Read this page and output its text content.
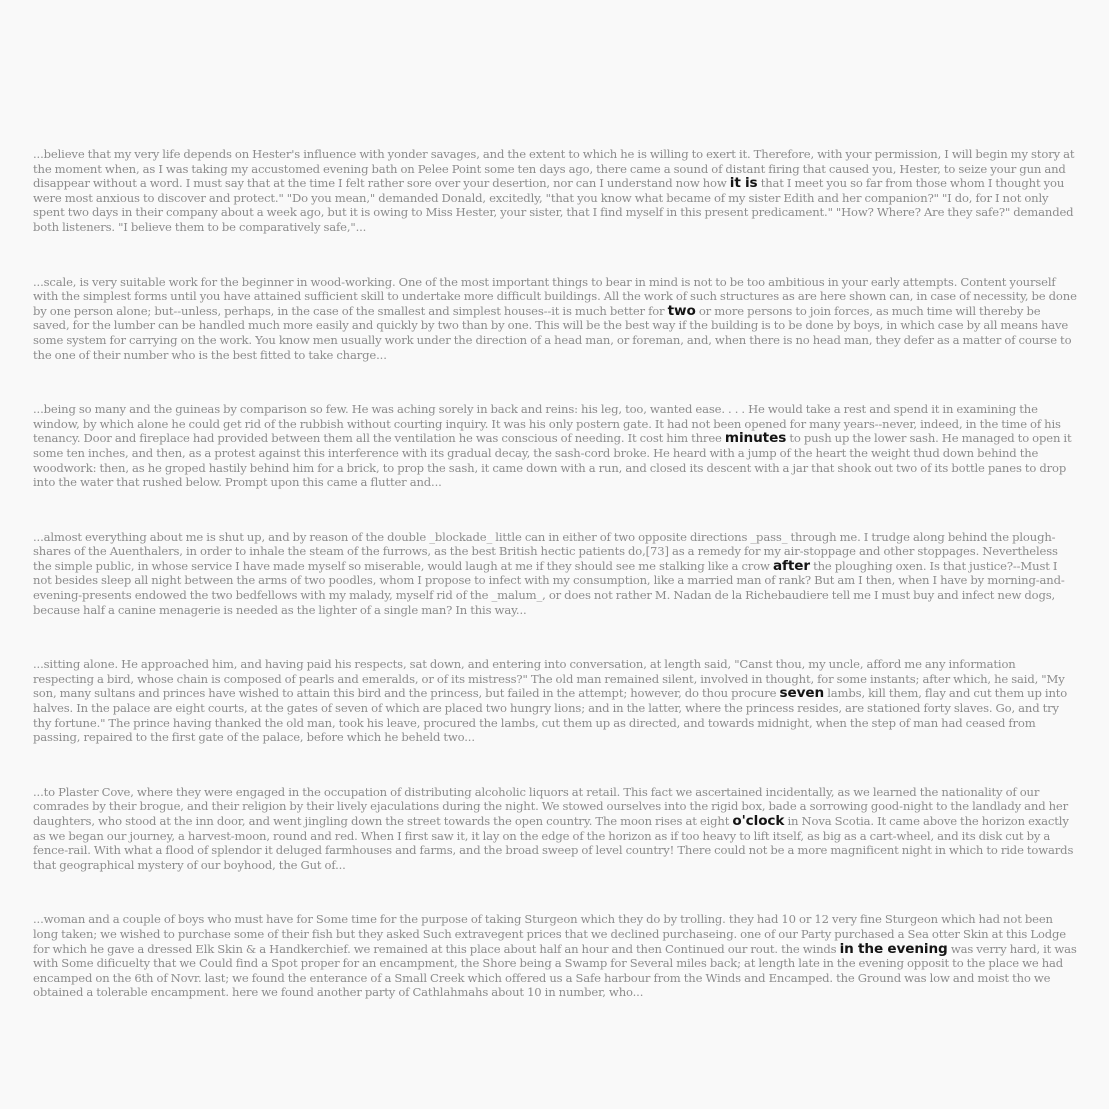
...believe that my very life depends on Hester's influence with yonder savages, and the extent to which he is willing to exert it. Therefore, with your permission, I will begin my story at the moment when, as I was taking my accustomed evening bath on Pelee Point some ten days ago, there came a sound of distant firing that caused you, Hester, to seize your gun and disappear without a word. I must say that at the time I felt rather sore over your desertion, nor can I understand now how it is that I meet you so far from those whom I thought you were most anxious to discover and protect." "Do you mean," demanded Donald, excitedly, "that you know what became of my sister Edith and her companion?" "I do, for I not only spent two days in their company about a week ago, but it is owing to Miss Hester, your sister, that I find myself in this present predicament." "How? Where? Are they safe?" demanded both listeners. "I believe them to be comparatively safe,"...

...scale, is very suitable work for the beginner in wood-working. One of the most important things to bear in mind is not to be too ambitious in your early attempts. Content yourself with the simplest forms until you have attained sufficient skill to undertake more difficult buildings. All the work of such structures as are here shown can, in case of necessity, be done by one person alone; but--unless, perhaps, in the case of the smallest and simplest houses--it is much better for two or more persons to join forces, as much time will thereby be saved, for the lumber can be handled much more easily and quickly by two than by one. This will be the best way if the building is to be done by boys, in which case by all means have some system for carrying on the work. You know men usually work under the direction of a head man, or foreman, and, when there is no head man, they defer as a matter of course to the one of their number who is the best fitted to take charge...

...being so many and the guineas by comparison so few. He was aching sorely in back and reins: his leg, too, wanted ease. . . . He would take a rest and spend it in examining the window, by which alone he could get rid of the rubbish without courting inquiry. It was his only postern gate. It had not been opened for many years--never, indeed, in the time of his tenancy. Door and fireplace had provided between them all the ventilation he was conscious of needing. It cost him three minutes to push up the lower sash. He managed to open it some ten inches, and then, as a protest against this interference with its gradual decay, the sash-cord broke. He heard with a jump of the heart the weight thud down behind the woodwork: then, as he groped hastily behind him for a brick, to prop the sash, it came down with a run, and closed its descent with a jar that shook out two of its bottle panes to drop into the water that rushed below. Prompt upon this came a flutter and...

...almost everything about me is shut up, and by reason of the double _blockade_ little can in either of two opposite directions _pass_ through me. I trudge along behind the plough-shares of the Auenthalers, in order to inhale the steam of the furrows, as the best British hectic patients do,[73] as a remedy for my air-stoppage and other stoppages. Nevertheless the simple public, in whose service I have made myself so miserable, would laugh at me if they should see me stalking like a crow after the ploughing oxen. Is that justice?--Must I not besides sleep all night between the arms of two poodles, whom I propose to infect with my consumption, like a married man of rank? But am I then, when I have by morning-and-evening-presents endowed the two bedfellows with my malady, myself rid of the _malum_, or does not rather M. Nadan de la Richebaudiere tell me I must buy and infect new dogs, because half a canine menagerie is needed as the lighter of a single man? In this way...

...sitting alone. He approached him, and having paid his respects, sat down, and entering into conversation, at length said, "Canst thou, my uncle, afford me any information respecting a bird, whose chain is composed of pearls and emeralds, or of its mistress?" The old man remained silent, involved in thought, for some instants; after which, he said, "My son, many sultans and princes have wished to attain this bird and the princess, but failed in the attempt; however, do thou procure seven lambs, kill them, flay and cut them up into halves. In the palace are eight courts, at the gates of seven of which are placed two hungry lions; and in the latter, where the princess resides, are stationed forty slaves. Go, and try thy fortune." The prince having thanked the old man, took his leave, procured the lambs, cut them up as directed, and towards midnight, when the step of man had ceased from passing, repaired to the first gate of the palace, before which he beheld two...

...to Plaster Cove, where they were engaged in the occupation of distributing alcoholic liquors at retail. This fact we ascertained incidentally, as we learned the nationality of our comrades by their brogue, and their religion by their lively ejaculations during the night. We stowed ourselves into the rigid box, bade a sorrowing good-night to the landlady and her daughters, who stood at the inn door, and went jingling down the street towards the open country. The moon rises at eight o'clock in Nova Scotia. It came above the horizon exactly as we began our journey, a harvest-moon, round and red. When I first saw it, it lay on the edge of the horizon as if too heavy to lift itself, as big as a cart-wheel, and its disk cut by a fence-rail. With what a flood of splendor it deluged farmhouses and farms, and the broad sweep of level country! There could not be a more magnificent night in which to ride towards that geographical mystery of our boyhood, the Gut of...

...woman and a couple of boys who must have for Some time for the purpose of taking Sturgeon which they do by trolling. they had 10 or 12 very fine Sturgeon which had not been long taken; we wished to purchase some of their fish but they asked Such extravegent prices that we declined purchaseing. one of our Party purchased a Sea otter Skin at this Lodge for which he gave a dressed Elk Skin & a Handkerchief. we remained at this place about half an hour and then Continued our rout. the winds in the evening was verry hard, it was with Some dificuelty that we Could find a Spot proper for an encampment, the Shore being a Swamp for Several miles back; at length late in the evening opposit to the place we had encamped on the 6th of Novr. last; we found the enterance of a Small Creek which offered us a Safe harbour from the Winds and Encamped. the Ground was low and moist tho we obtained a tolerable encampment. here we found another party of Cathlahmahs about 10 in number, who...
